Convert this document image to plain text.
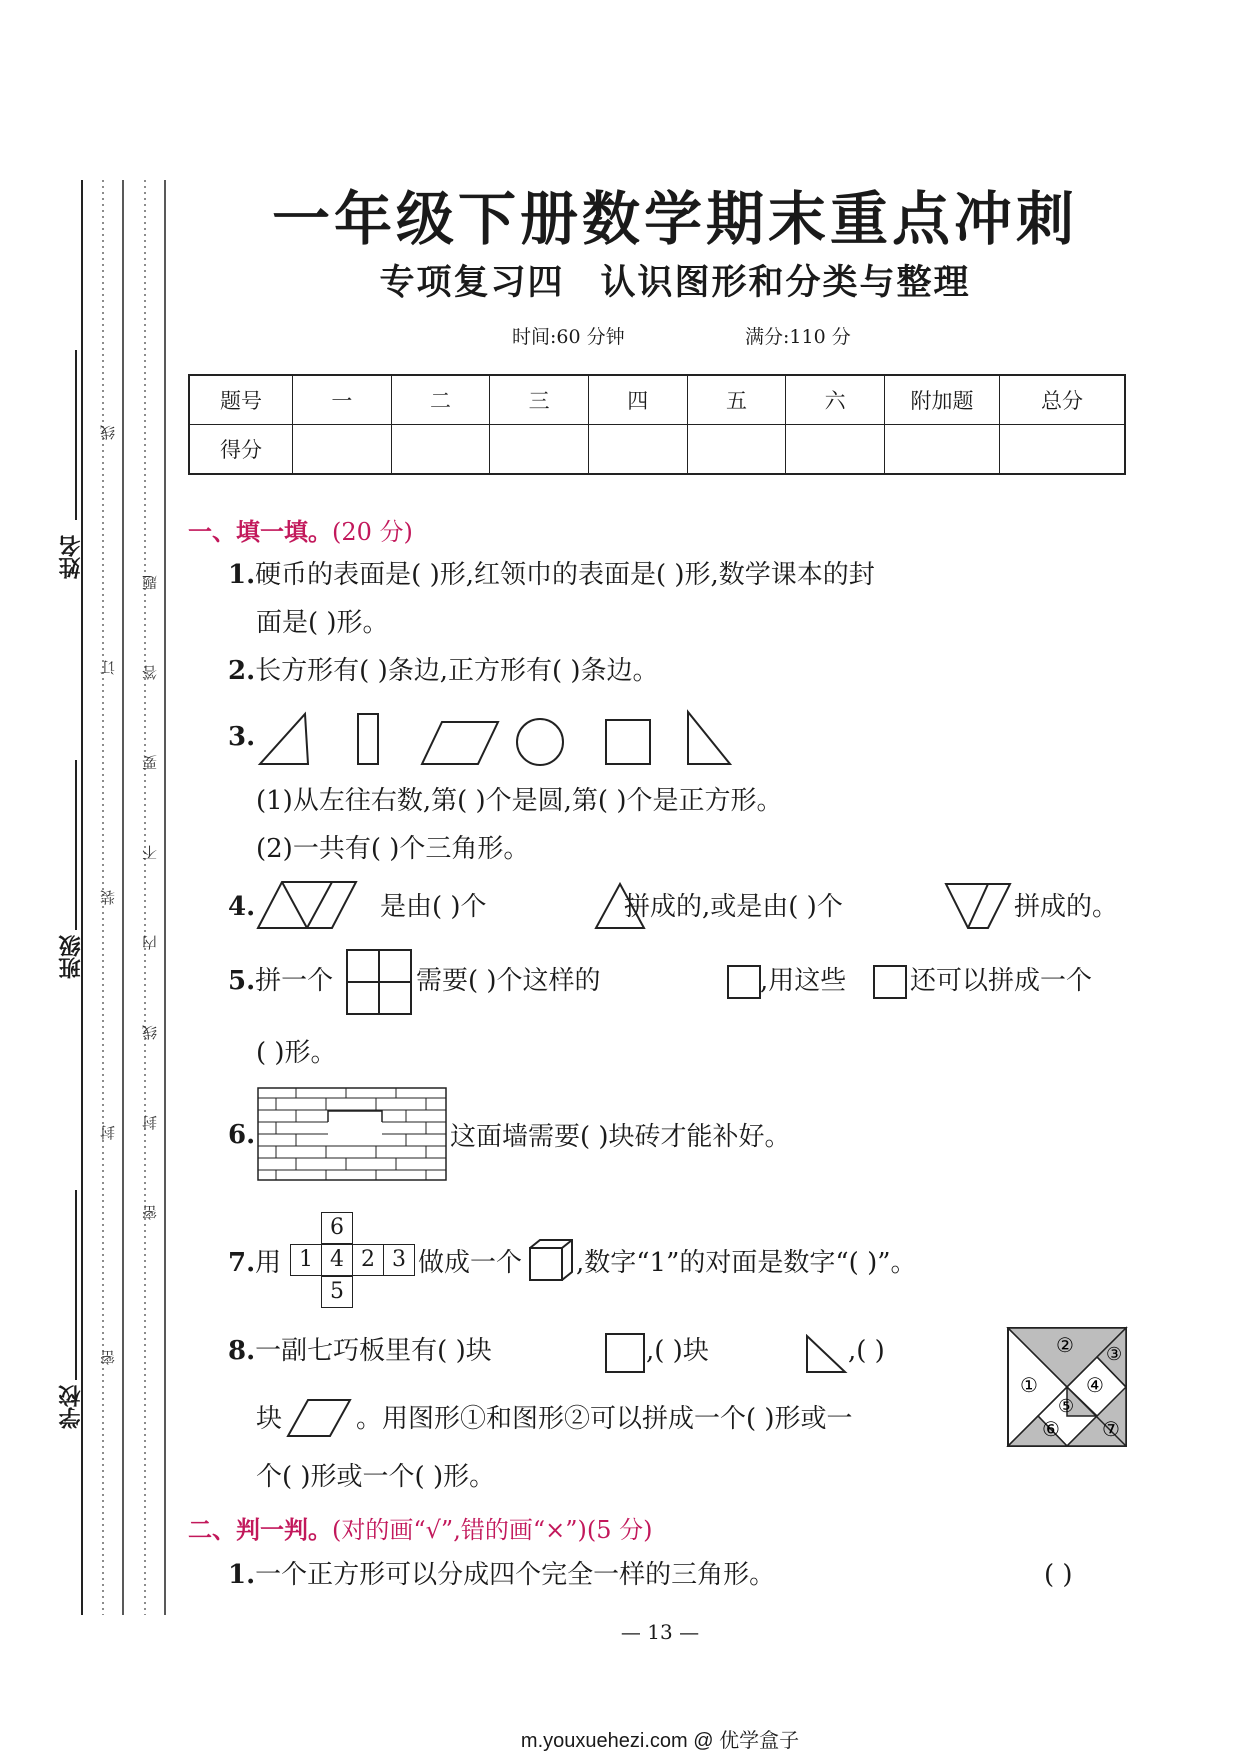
姓名
班级
学校
线
订
装
封
密
题
答
要
不
内
线
封
密
一年级下册数学期末重点冲刺
专项复习四 认识图形和分类与整理
时间:60 分钟	满分:110 分
题号	一	二	三	四	五	六	附加题	总分
得分								
一、填一填。(20 分)
1.硬币的表面是( )形,红领巾的表面是( )形,数学课本的封
面是( )形。
2.长方形有( )条边,正方形有( )条边。
3.
(1)从左往右数,第( )个是圆,第( )个是正方形。
(2)一共有( )个三角形。
4.	是由( )个	拼成的,或是由( )个	拼成的。
5.拼一个	需要( )个这样的	,用这些 还可以拼成一个
( )形。
6.	这面墙需要( )块砖才能补好。
7.用
6
1 4 2 3
5
做成一个 ,数字“1”的对面是数字“( )”。
8.一副七巧板里有( )块	,( )块	,( )
块	。用图形①和图形②可以拼成一个( )形或一
个( )形或一个( )形。
①
② ③
④
⑤
⑥ ⑦
二、判一判。(对的画“√”,错的画“×”)(5 分)
1.一个正方形可以分成四个完全一样的三角形。	( )
— 13 —
m.youxuehezi.com @ 优学盒子
